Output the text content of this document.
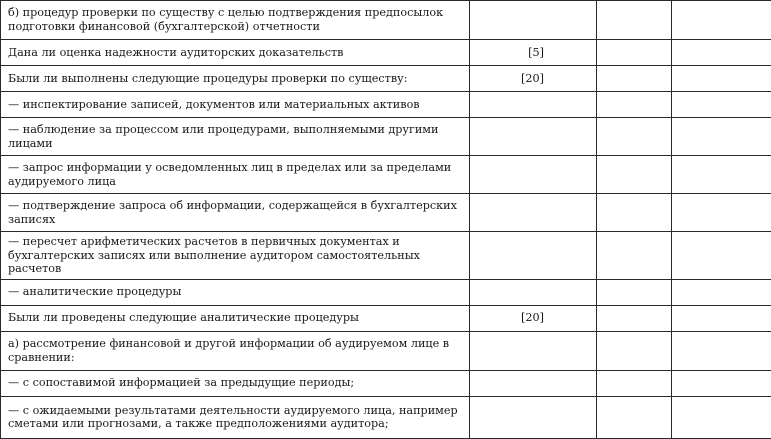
б) процедур проверки по существу с целью подтверждения предпосылок подготовки финансовой (бухгалтерской) отчетности			
Дана ли оценка надежности аудиторских доказательств	[5]		
Были ли выполнены следующие процедуры проверки по существу:	[20]		
— инспектирование записей, документов или материальных активов			
— наблюдение за процессом или процедурами, выполняемыми другими лицами			
— запрос информации у осведомленных лиц в пределах или за пределами аудируемого лица			
— подтверждение запроса об информации, содержащейся в бухгалтерских записях			
— пересчет арифметических расчетов в первичных документах и бухгалтерских записях или выполнение аудитором самостоятельных расчетов			
— аналитические процедуры			
Были ли проведены следующие аналитические процедуры	[20]		
а) рассмотрение финансовой и другой информации об аудируемом лице в сравнении:			
— с сопоставимой информацией за предыдущие периоды;			
— с ожидаемыми результатами деятельности аудируемого лица, например сметами или прогнозами, а также предположениями аудитора;			
